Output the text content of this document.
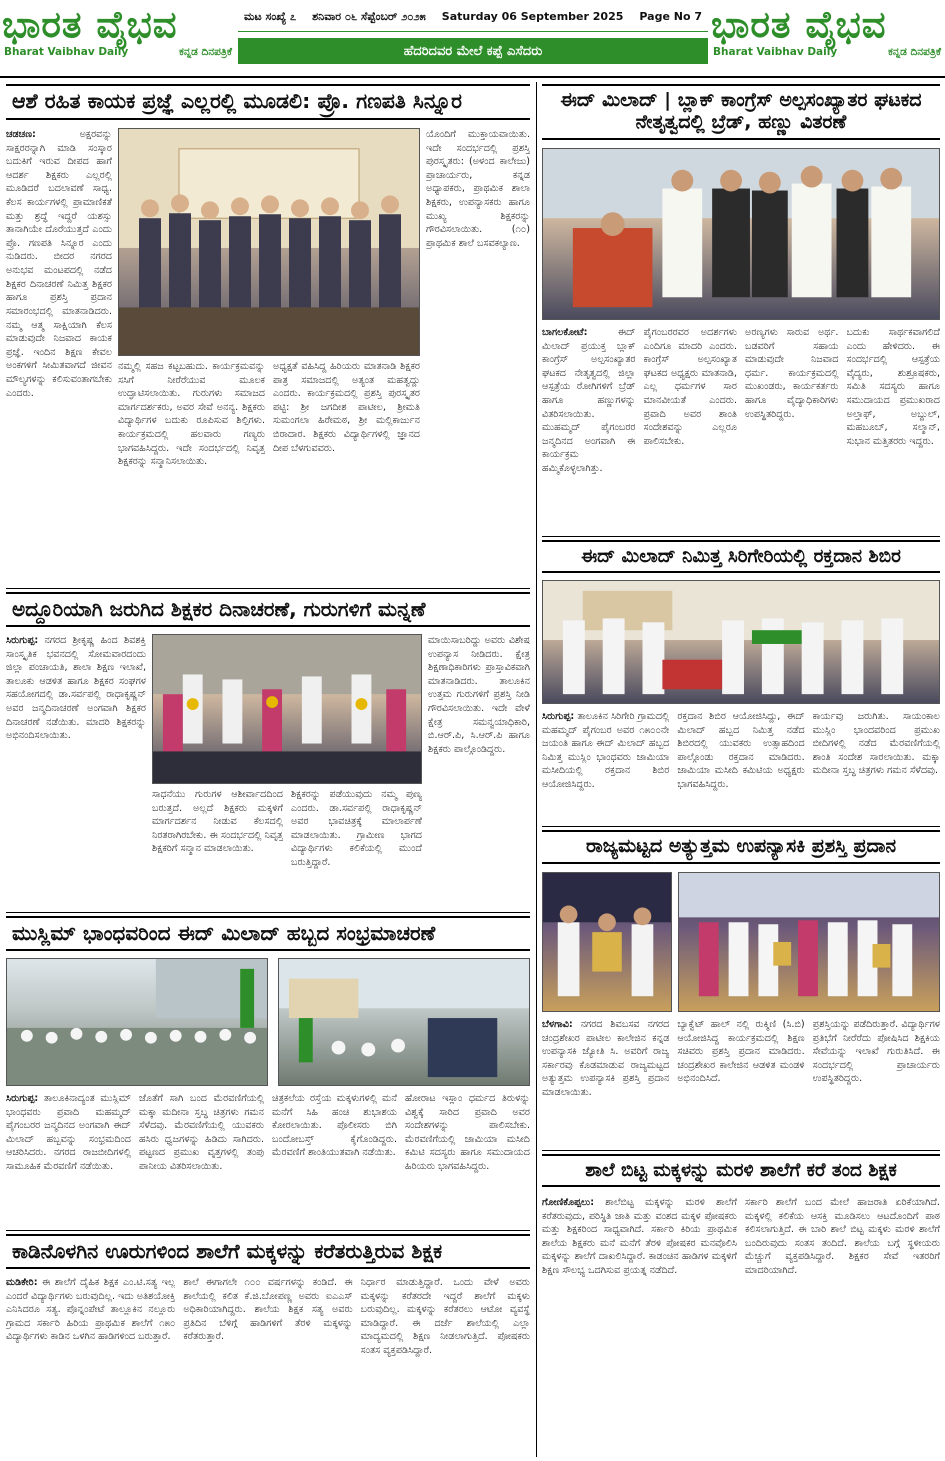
ಭಾರತ ವೈಭವ
Bharat Vaibhav Daily	ಕನ್ನಡ ದಿನಪತ್ರಿಕೆ
ಮಟ ಸಂಖ್ಯೆ ೭ ಶನಿವಾರ ೦೬ ಸೆಪ್ಟೆಂಬರ್ ೨೦೨೫ Saturday 06 September 2025 Page No 7
ಹೆದರಿದವರ ಮೇಲೆ ಕಪ್ಪೆ ಎಸೆದರು
ಭಾರತ ವೈಭವ
Bharat Vaibhav Daily	ಕನ್ನಡ ದಿನಪತ್ರಿಕೆ
ಆಶೆ ರಹಿತ ಕಾಯಕ ಪ್ರಜ್ಞೆ ಎಲ್ಲರಲ್ಲಿ ಮೂಡಲಿ: ಪ್ರೊ. ಗಣಪತಿ ಸಿನ್ನೂರ
ಚಡಚಣ:	ಅಕ್ಷರವನ್ನು ಸಾಕ್ಷರರನ್ನಾಗಿ ಮಾಡಿ ಸಂಸ್ಕಾರ ಬದುಕಿಗೆ ಇರುವ ದೀಪದ ಹಾಗೆ ಆದರ್ಶ ಶಿಕ್ಷಕರು ಎಲ್ಲರಲ್ಲಿ ಮೂಡಿದರೆ ಬದಲಾವಣೆ ಸಾಧ್ಯ. ಕೆಲಸ ಕಾರ್ಯಗಳಲ್ಲಿ ಪ್ರಾಮಾಣಿಕತೆ ಮತ್ತು ಶ್ರದ್ಧೆ ಇದ್ದರೆ ಯಶಸ್ಸು ತಾನಾಗಿಯೇ ದೊರೆಯುತ್ತದೆ ಎಂದು ಪ್ರೊ. ಗಣಪತಿ ಸಿನ್ನೂರ ಎಂದು ನುಡಿದರು. ಬೀದರ ನಗರದ ಅನುಭವ ಮಂಟಪದಲ್ಲಿ ನಡೆದ ಶಿಕ್ಷಕರ ದಿನಾಚರಣೆ ನಿಮಿತ್ತ ಶಿಕ್ಷಕರ ಹಾಗೂ ಪ್ರಶಸ್ತಿ ಪ್ರದಾನ ಸಮಾರಂಭದಲ್ಲಿ ಮಾತನಾಡಿದರು. ನಮ್ಮ ಆತ್ಮ ಸಾಕ್ಷಿಯಾಗಿ ಕೆಲಸ ಮಾಡುವುದೇ ನಿಜವಾದ ಕಾಯಕ ಪ್ರಜ್ಞೆ. ಇಂದಿನ ಶಿಕ್ಷಣ ಕೇವಲ ಅಂಕಗಳಿಗೆ ಸೀಮಿತವಾಗದೆ ಜೀವನ ಮೌಲ್ಯಗಳನ್ನು ಕಲಿಸುವಂತಾಗಬೇಕು ಎಂದರು.
ನಮ್ಮಲ್ಲಿ ಸಹಜ ಕಟ್ಟಬಹುದು. ಕಾರ್ಯಕ್ರಮವನ್ನು ಸಸಿಗೆ ನೀರೆರೆಯುವ ಮೂಲಕ ಉದ್ಘಾಟಿಸಲಾಯಿತು. ಗುರುಗಳು ಸಮಾಜದ ಮಾರ್ಗದರ್ಶಕರು, ಅವರ ಸೇವೆ ಅನನ್ಯ. ಶಿಕ್ಷಕರು ವಿದ್ಯಾರ್ಥಿಗಳ ಬದುಕು ರೂಪಿಸುವ ಶಿಲ್ಪಿಗಳು. ಕಾರ್ಯಕ್ರಮದಲ್ಲಿ ಹಲವಾರು ಗಣ್ಯರು ಭಾಗವಹಿಸಿದ್ದರು. ಇದೇ ಸಂದರ್ಭದಲ್ಲಿ ನಿವೃತ್ತ ಶಿಕ್ಷಕರನ್ನು ಸನ್ಮಾನಿಸಲಾಯಿತು.
ಅಧ್ಯಕ್ಷತೆ ವಹಿಸಿದ್ದ ಹಿರಿಯರು ಮಾತನಾಡಿ ಶಿಕ್ಷಕರ ಪಾತ್ರ ಸಮಾಜದಲ್ಲಿ ಅತ್ಯಂತ ಮಹತ್ವದ್ದು ಎಂದರು. ಕಾರ್ಯಕ್ರಮದಲ್ಲಿ ಪ್ರಶಸ್ತಿ ಪುರಸ್ಕೃತರ ಪಟ್ಟಿ: ಶ್ರೀ ಜಗದೀಶ ಪಾಟೀಲ, ಶ್ರೀಮತಿ ಸುಮಂಗಲಾ ಹಿರೇಮಠ, ಶ್ರೀ ಮಲ್ಲಿಕಾರ್ಜುನ ಬಿರಾದಾರ. ಶಿಕ್ಷಕರು ವಿದ್ಯಾರ್ಥಿಗಳಲ್ಲಿ ಜ್ಞಾನದ ದೀಪ ಬೆಳಗುವವರು.
ಯೊಂದಿಗೆ ಮುಕ್ತಾಯವಾಯಿತು. ಇದೇ ಸಂದರ್ಭದಲ್ಲಿ ಪ್ರಶಸ್ತಿ ಪುರಸ್ಕೃತರು: (ಅಳಂದ ಕಾಲೇಜು) ಪ್ರಾಚಾರ್ಯರು, ಕನ್ನಡ ಅಧ್ಯಾಪಕರು, ಪ್ರಾಥಮಿಕ ಶಾಲಾ ಶಿಕ್ಷಕರು, ಉಪನ್ಯಾಸಕರು ಹಾಗೂ ಮುಖ್ಯ ಶಿಕ್ಷಕರನ್ನು ಗೌರವಿಸಲಾಯಿತು. (೧೦) ಪ್ರಾಥಮಿಕ ಶಾಲೆ ಬಸವಕಲ್ಯಾಣ.
ಅದ್ದೂರಿಯಾಗಿ ಜರುಗಿದ ಶಿಕ್ಷಕರ ದಿನಾಚರಣೆ, ಗುರುಗಳಿಗೆ ಮನ್ನಣೆ
ಸಿರುಗುಪ್ಪ: ನಗರದ ಶ್ರೀಕೃಷ್ಣ ಹಿಂದ ಶಿವಶಕ್ತಿ ಸಾಂಸ್ಕೃತಿಕ ಭವನದಲ್ಲಿ ಸೋಮವಾರದಂದು ಜಿಲ್ಲಾ ಪಂಚಾಯತಿ, ಶಾಲಾ ಶಿಕ್ಷಣ ಇಲಾಖೆ, ತಾಲೂಕು ಆಡಳಿತ ಹಾಗೂ ಶಿಕ್ಷಕರ ಸಂಘಗಳ ಸಹಯೋಗದಲ್ಲಿ ಡಾ.ಸರ್ವಪಲ್ಲಿ ರಾಧಾಕೃಷ್ಣನ್ ಅವರ ಜನ್ಮದಿನಾಚರಣೆ ಅಂಗವಾಗಿ ಶಿಕ್ಷಕರ ದಿನಾಚರಣೆ ನಡೆಯಿತು. ಮಾದರಿ ಶಿಕ್ಷಕರನ್ನು ಅಭಿನಂದಿಸಲಾಯಿತು.
ಸಾಧನೆಯು ಗುರುಗಳ ಆಶೀರ್ವಾದದಿಂದ ಬರುತ್ತದೆ. ಅಲ್ಲದೆ ಶಿಕ್ಷಕರು ಮಕ್ಕಳಿಗೆ ಮಾರ್ಗದರ್ಶನ ನೀಡುವ ಕೆಲಸದಲ್ಲಿ ನಿರತರಾಗಿರಬೇಕು. ಈ ಸಂದರ್ಭದಲ್ಲಿ ನಿವೃತ್ತ ಶಿಕ್ಷಕರಿಗೆ ಸನ್ಮಾನ ಮಾಡಲಾಯಿತು.
ಶಿಕ್ಷಕರನ್ನು ಪಡೆಯುವುದು ನಮ್ಮ ಪುಣ್ಯ ಎಂದರು. ಡಾ.ಸರ್ವಪಲ್ಲಿ ರಾಧಾಕೃಷ್ಣನ್ ಅವರ ಭಾವಚಿತ್ರಕ್ಕೆ ಮಾಲಾರ್ಪಣೆ ಮಾಡಲಾಯಿತು. ಗ್ರಾಮೀಣ ಭಾಗದ ವಿದ್ಯಾರ್ಥಿಗಳು ಕಲಿಕೆಯಲ್ಲಿ ಮುಂದೆ ಬರುತ್ತಿದ್ದಾರೆ.
ಮಾಯಿಸಾಬರಿದ್ದು ಅವರು ವಿಶೇಷ ಉಪನ್ಯಾಸ ನೀಡಿದರು. ಕ್ಷೇತ್ರ ಶಿಕ್ಷಣಾಧಿಕಾರಿಗಳು ಪ್ರಾಸ್ತಾವಿಕವಾಗಿ ಮಾತನಾಡಿದರು. ತಾಲೂಕಿನ ಉತ್ತಮ ಗುರುಗಳಿಗೆ ಪ್ರಶಸ್ತಿ ನೀಡಿ ಗೌರವಿಸಲಾಯಿತು. ಇದೇ ವೇಳೆ ಕ್ಷೇತ್ರ ಸಮನ್ವಯಾಧಿಕಾರಿ, ಬಿ.ಆರ್.ಪಿ, ಸಿ.ಆರ್.ಪಿ ಹಾಗೂ ಶಿಕ್ಷಕರು ಪಾಲ್ಗೊಂಡಿದ್ದರು.
ಮುಸ್ಲಿಮ್ ಭಾಂಧವರಿಂದ ಈದ್ ಮಿಲಾದ್ ಹಬ್ಬದ ಸಂಭ್ರಮಾಚರಣೆ
ಸಿರುಗುಪ್ಪ: ತಾಲೂಕಿನಾದ್ಯಂತ ಮುಸ್ಲಿಮ್ ಭಾಂಧವರು ಪ್ರವಾದಿ ಮಹಮ್ಮದ್ ಪೈಗಂಬರರ ಜನ್ಮದಿನದ ಅಂಗವಾಗಿ ಈದ್ ಮಿಲಾದ್ ಹಬ್ಬವನ್ನು ಸಂಭ್ರಮದಿಂದ ಆಚರಿಸಿದರು. ನಗರದ ರಾಜಬೀದಿಗಳಲ್ಲಿ ಸಾಮೂಹಿಕ ಮೆರವಣಿಗೆ ನಡೆಯಿತು.
ಜೊತೆಗೆ ಸಾಗಿ ಬಂದ ಮೆರವಣಿಗೆಯಲ್ಲಿ ಮಕ್ಕಾ ಮದೀನಾ ಸ್ತಬ್ಧ ಚಿತ್ರಗಳು ಗಮನ ಸೆಳೆದವು. ಮೆರವಣಿಗೆಯಲ್ಲಿ ಯುವಕರು ಹಸಿರು ಧ್ವಜಗಳನ್ನು ಹಿಡಿದು ಸಾಗಿದರು. ಪಟ್ಟಣದ ಪ್ರಮುಖ ವೃತ್ತಗಳಲ್ಲಿ ತಂಪು ಪಾನೀಯ ವಿತರಿಸಲಾಯಿತು.
ಚಿತ್ರಕಲೆಯ ರಸ್ತೆಯ ಮಕ್ಕಳುಗಳಲ್ಲಿ ಮನೆ ಮನೆಗೆ ಸಿಹಿ ಹಂಚಿ ಶುಭಾಶಯ ಕೋರಲಾಯಿತು. ಪೊಲೀಸರು ಬಿಗಿ ಬಂದೋಬಸ್ತ್ ಕೈಗೊಂಡಿದ್ದರು. ಮೆರವಣಿಗೆ ಶಾಂತಿಯುತವಾಗಿ ನಡೆಯಿತು.
ಹೋರಾಟ ಇಸ್ಲಾಂ ಧರ್ಮದ ತಿರುಳನ್ನು ವಿಶ್ವಕ್ಕೆ ಸಾರಿದ ಪ್ರವಾದಿ ಅವರ ಸಂದೇಶಗಳನ್ನು ಪಾಲಿಸಬೇಕು. ಮೆರವಣಿಗೆಯಲ್ಲಿ ಜಾಮಿಯಾ ಮಸೀದಿ ಕಮಿಟಿ ಸದಸ್ಯರು ಹಾಗೂ ಸಮುದಾಯದ ಹಿರಿಯರು ಭಾಗವಹಿಸಿದ್ದರು.
ಕಾಡಿನೊಳಗಿನ ಊರುಗಳಿಂದ ಶಾಲೆಗೆ ಮಕ್ಕಳನ್ನು ಕರೆತರುತ್ತಿರುವ ಶಿಕ್ಷಕ
ಮಡಿಕೇರಿ: ಈ ಶಾಲೆಗೆ ದೈಹಿಕ ಶಿಕ್ಷಕ ಎಂ.ಟಿ.ಸತ್ಯ ಇಲ್ಲ ಎಂದರೆ ವಿದ್ಯಾರ್ಥಿಗಳು ಬರುವುದಿಲ್ಲ. ಇದು ಅತಿಶಯೋಕ್ತಿ ಎನಿಸಿದರೂ ಸತ್ಯ. ಪೊನ್ನಂಪೇಟೆ ತಾಲ್ಲೂಕಿನ ನಲ್ಲೂರು ಗ್ರಾಮದ ಸರ್ಕಾರಿ ಹಿರಿಯ ಪ್ರಾಥಮಿಕ ಶಾಲೆಗೆ ೧೫೦ ವಿದ್ಯಾರ್ಥಿಗಳು ಕಾಡಿನ ಒಳಗಿನ ಹಾಡಿಗಳಿಂದ ಬರುತ್ತಾರೆ.
ಶಾಲೆ ಈಗಾಗಲೇ ೧೦೦ ವರ್ಷಗಳನ್ನು ಕಂಡಿದೆ. ಈ ಶಾಲೆಯಲ್ಲಿ ಕಲಿತ ಕೆ.ಜಿ.ಬೋಪಣ್ಣ ಅವರು ಐಎಎಸ್ ಅಧಿಕಾರಿಯಾಗಿದ್ದರು. ಶಾಲೆಯ ಶಿಕ್ಷಕ ಸತ್ಯ ಅವರು ಪ್ರತಿದಿನ ಬೆಳಿಗ್ಗೆ ಹಾಡಿಗಳಿಗೆ ತೆರಳಿ ಮಕ್ಕಳನ್ನು ಕರೆತರುತ್ತಾರೆ.
ನಿರ್ಧಾರ ಮಾಡುತ್ತಿದ್ದಾರೆ. ಒಂದು ವೇಳೆ ಅವರು ಮಕ್ಕಳನ್ನು ಕರೆತರದೇ ಇದ್ದರೆ ಶಾಲೆಗೆ ಮಕ್ಕಳು ಬರುವುದಿಲ್ಲ. ಮಕ್ಕಳನ್ನು ಕರೆತರಲು ಆಟೋ ವ್ಯವಸ್ಥೆ ಮಾಡಿದ್ದಾರೆ. ಈ ದರ್ಜೆ ಶಾಲೆಯಲ್ಲಿ ಎಲ್ಲಾ ಮಾದ್ಯಮದಲ್ಲಿ ಶಿಕ್ಷಣ ನೀಡಲಾಗುತ್ತಿದೆ. ಪೋಷಕರು ಸಂತಸ ವ್ಯಕ್ತಪಡಿಸಿದ್ದಾರೆ.
ಈದ್ ಮಿಲಾದ್ | ಬ್ಲಾಕ್ ಕಾಂಗ್ರೆಸ್ ಅಲ್ಪಸಂಖ್ಯಾತರ ಘಟಕದ ನೇತೃತ್ವದಲ್ಲಿ ಬ್ರೆಡ್, ಹಣ್ಣು ವಿತರಣೆ
ಬಾಗಲಕೋಟೆ:	ಈದ್ ಮಿಲಾದ್ ಪ್ರಯುಕ್ತ ಬ್ಲಾಕ್ ಕಾಂಗ್ರೆಸ್ ಅಲ್ಪಸಂಖ್ಯಾತರ ಘಟಕದ ನೇತೃತ್ವದಲ್ಲಿ ಜಿಲ್ಲಾ ಆಸ್ಪತ್ರೆಯ ರೋಗಿಗಳಿಗೆ ಬ್ರೆಡ್ ಹಾಗೂ ಹಣ್ಣುಗಳನ್ನು ವಿತರಿಸಲಾಯಿತು. ಮುಹಮ್ಮದ್ ಪೈಗಂಬರರ ಜನ್ಮದಿನದ ಅಂಗವಾಗಿ ಈ ಕಾರ್ಯಕ್ರಮ ಹಮ್ಮಿಕೊಳ್ಳಲಾಗಿತ್ತು.
ಪೈಗಂಬರರವರ ಅದರ್ಶಗಳು ಎಂದಿಗೂ ಮಾದರಿ ಎಂದರು. ಕಾಂಗ್ರೆಸ್ ಅಲ್ಪಸಂಖ್ಯಾತ ಘಟಕದ ಅಧ್ಯಕ್ಷರು ಮಾತನಾಡಿ, ಎಲ್ಲ ಧರ್ಮಗಳ ಸಾರ ಮಾನವೀಯತೆ ಎಂದರು. ಪ್ರವಾದಿ ಅವರ ಶಾಂತಿ ಸಂದೇಶವನ್ನು ಎಲ್ಲರೂ ಪಾಲಿಸಬೇಕು.
ಅರಣ್ಯಗಳು ಸಾರುವ ಅರ್ಥ. ಬಡವರಿಗೆ ಸಹಾಯ ಮಾಡುವುದೇ ನಿಜವಾದ ಧರ್ಮ. ಕಾರ್ಯಕ್ರಮದಲ್ಲಿ ಮುಖಂಡರು, ಕಾರ್ಯಕರ್ತರು ಹಾಗೂ ವೈದ್ಯಾಧಿಕಾರಿಗಳು ಉಪಸ್ಥಿತರಿದ್ದರು.
ಬದುಕು ಸಾರ್ಥಕವಾಗಲಿದೆ ಎಂದು ಹೇಳಿದರು. ಈ ಸಂದರ್ಭದಲ್ಲಿ ಆಸ್ಪತ್ರೆಯ ವೈದ್ಯರು, ಶುಶ್ರೂಷಕರು, ಸಮಿತಿ ಸದಸ್ಯರು ಹಾಗೂ ಸಮುದಾಯದ ಪ್ರಮುಖರಾದ ಅಲ್ತಾಫ್, ಅಬ್ದುಲ್, ಮಹಬೂಬ್, ಸಲ್ಮಾನ್, ಸುಭಾನ ಮತ್ತಿತರರು ಇದ್ದರು.
ಈದ್ ಮಿಲಾದ್ ನಿಮಿತ್ತ ಸಿರಿಗೇರಿಯಲ್ಲಿ ರಕ್ತದಾನ ಶಿಬಿರ
ಸಿರುಗುಪ್ಪ: ತಾಲೂಕಿನ ಸಿರಿಗೇರಿ ಗ್ರಾಮದಲ್ಲಿ ಮಹಮ್ಮದ್ ಪೈಗಂಬರ ಅವರ ೧೫೦೦ನೇ ಜಯಂತಿ ಹಾಗೂ ಈದ್ ಮಿಲಾದ್ ಹಬ್ಬದ ನಿಮಿತ್ತ ಮುಸ್ಲಿಂ ಭಾಂಧವರು ಜಾಮಿಯಾ ಮಸೀದಿಯಲ್ಲಿ ರಕ್ತದಾನ ಶಿಬಿರ ಆಯೋಜಿಸಿದ್ದರು.
ರಕ್ತದಾನ ಶಿಬಿರ ಆಯೋಜಿಸಿದ್ದು, ಈದ್ ಮಿಲಾದ್ ಹಬ್ಬದ ನಿಮಿತ್ತ ನಡೆದ ಶಿಬಿರದಲ್ಲಿ ಯುವಕರು ಉತ್ಸಾಹದಿಂದ ಪಾಲ್ಗೊಂಡು ರಕ್ತದಾನ ಮಾಡಿದರು. ಜಾಮಿಯಾ ಮಸೀದಿ ಕಮಿಟಿಯ ಅಧ್ಯಕ್ಷರು ಭಾಗವಹಿಸಿದ್ದರು.
ಕಾರ್ಯವು ಜರುಗಿತು. ಸಾಯಂಕಾಲ ಮುಸ್ಲಿಂ ಭಾಂದವರಿಂದ ಪ್ರಮುಖ ಬೀದಿಗಳಲ್ಲಿ ನಡೆದ ಮೆರವಣಿಗೆಯಲ್ಲಿ ಶಾಂತಿ ಸಂದೇಶ ಸಾರಲಾಯಿತು. ಮಕ್ಕಾ ಮದೀನಾ ಸ್ತಬ್ಧ ಚಿತ್ರಗಳು ಗಮನ ಸೆಳೆದವು.
ರಾಜ್ಯಮಟ್ಟದ ಅತ್ಯುತ್ತಮ ಉಪನ್ಯಾಸಕಿ ಪ್ರಶಸ್ತಿ ಪ್ರದಾನ
ಬೆಳಗಾವಿ: ನಗರದ ಶಿವಬಸವ ನಗರದ ಚಂದ್ರಶೇಖರ ಪಾಟೀಲ ಕಾಲೇಜಿನ ಕನ್ನಡ ಉಪನ್ಯಾಸಕಿ ಜ್ಯೋತಿ ಸಿ. ಅವರಿಗೆ ರಾಜ್ಯ ಸರ್ಕಾರವು ಕೊಡಮಾಡುವ ರಾಜ್ಯಮಟ್ಟದ ಅತ್ಯುತ್ತಮ ಉಪನ್ಯಾಸಕಿ ಪ್ರಶಸ್ತಿ ಪ್ರದಾನ ಮಾಡಲಾಯಿತು.
ಬ್ಯಾಕ್ವೆಟ್ ಹಾಲ್ ನಲ್ಲಿ ರುಕ್ಮಿಣಿ (ಸಿ.ಬಿ) ಆಯೋಜಿಸಿದ್ದ ಕಾರ್ಯಕ್ರಮದಲ್ಲಿ ಶಿಕ್ಷಣ ಸಚಿವರು ಪ್ರಶಸ್ತಿ ಪ್ರದಾನ ಮಾಡಿದರು. ಚಂದ್ರಶೇಖರ ಕಾಲೇಜಿನ ಆಡಳಿತ ಮಂಡಳಿ ಅಭಿನಂದಿಸಿದೆ.
ಪ್ರಶಸ್ತಿಯನ್ನು ಪಡೆದಿರುತ್ತಾರೆ. ವಿದ್ಯಾರ್ಥಿಗಳ ಪ್ರತಿಭೆಗೆ ನೀರೆರೆದು ಪೋಷಿಸಿದ ಶಿಕ್ಷಕಿಯ ಸೇವೆಯನ್ನು ಇಲಾಖೆ ಗುರುತಿಸಿದೆ. ಈ ಸಂದರ್ಭದಲ್ಲಿ ಪ್ರಾಚಾರ್ಯರು ಉಪಸ್ಥಿತರಿದ್ದರು.
ಶಾಲೆ ಬಿಟ್ಟ ಮಕ್ಕಳನ್ನು ಮರಳಿ ಶಾಲೆಗೆ ಕರೆ ತಂದ ಶಿಕ್ಷಕ
ಗೋಣಿಕೊಪ್ಪಲು: ಶಾಲೆಬಿಟ್ಟ ಮಕ್ಕಳನ್ನು ಮರಳಿ ಶಾಲೆಗೆ ಕರೆತರುವುದು, ಪರಿಸ್ಥಿತಿ ಜಾತಿ ಮತ್ತು ವಂಶದ ಮಕ್ಕಳ ಪೋಷಕರು ಮತ್ತು ಶಿಕ್ಷಕರಿಂದ ಸಾಧ್ಯವಾಗಿದೆ. ಸರ್ಕಾರಿ ಕಿರಿಯ ಪ್ರಾಥಮಿಕ ಶಾಲೆಯ ಶಿಕ್ಷಕರು ಮನೆ ಮನೆಗೆ ತೆರಳಿ ಪೋಷಕರ ಮನವೊಲಿಸಿ ಮಕ್ಕಳನ್ನು ಶಾಲೆಗೆ ದಾಖಲಿಸಿದ್ದಾರೆ. ಕಾಡಂಚಿನ ಹಾಡಿಗಳ ಮಕ್ಕಳಿಗೆ ಶಿಕ್ಷಣ ಸೌಲಭ್ಯ ಒದಗಿಸುವ ಪ್ರಯತ್ನ ನಡೆದಿದೆ.
ಸರ್ಕಾರಿ ಶಾಲೆಗೆ ಬಂದ ಮೇಲೆ ಹಾಜರಾತಿ ಏರಿಕೆಯಾಗಿದೆ. ಮಕ್ಕಳಲ್ಲಿ ಕಲಿಕೆಯ ಆಸಕ್ತಿ ಮೂಡಿಸಲು ಆಟದೊಂದಿಗೆ ಪಾಠ ಕಲಿಸಲಾಗುತ್ತಿದೆ. ಈ ಬಾರಿ ಶಾಲೆ ಬಿಟ್ಟ ಮಕ್ಕಳು ಮರಳಿ ಶಾಲೆಗೆ ಬಂದಿರುವುದು ಸಂತಸ ತಂದಿದೆ. ಶಾಲೆಯ ಬಗ್ಗೆ ಸ್ಥಳೀಯರು ಮೆಚ್ಚುಗೆ ವ್ಯಕ್ತಪಡಿಸಿದ್ದಾರೆ. ಶಿಕ್ಷಕರ ಸೇವೆ ಇತರರಿಗೆ ಮಾದರಿಯಾಗಿದೆ.
